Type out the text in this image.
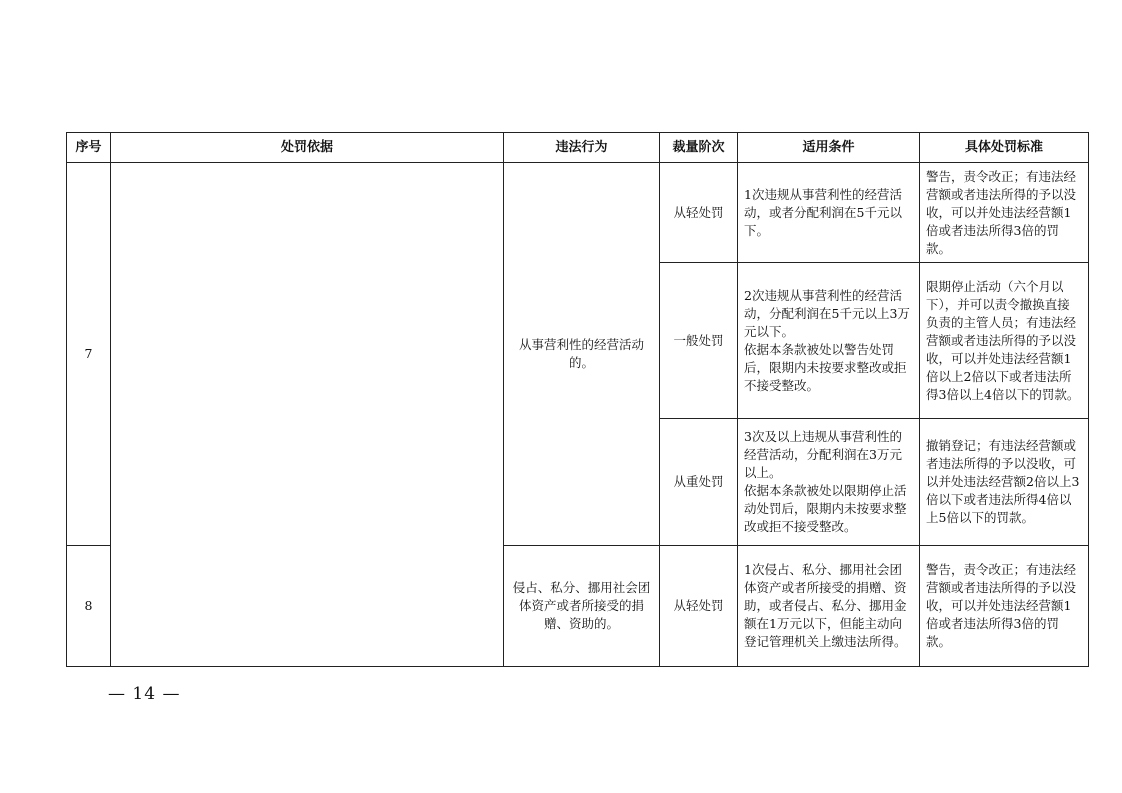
序号	处罚依据	违法行为	裁量阶次	适用条件	具体处罚标准
7		从事营利性的经营活动的。	从轻处罚	1次违规从事营利性的经营活动，或者分配利润在5千元以下。	警告，责令改正；有违法经营额或者违法所得的予以没收，可以并处违法经营额1倍或者违法所得3倍的罚款。
			一般处罚	2次违规从事营利性的经营活动，分配利润在5千元以上3万元以下。
依据本条款被处以警告处罚后，限期内未按要求整改或拒不接受整改。	限期停止活动（六个月以下），并可以责令撤换直接负责的主管人员；有违法经营额或者违法所得的予以没收，可以并处违法经营额1倍以上2倍以下或者违法所得3倍以上4倍以下的罚款。
			从重处罚	3次及以上违规从事营利性的经营活动，分配利润在3万元以上。
依据本条款被处以限期停止活动处罚后，限期内未按要求整改或拒不接受整改。	撤销登记；有违法经营额或者违法所得的予以没收，可以并处违法经营额2倍以上3倍以下或者违法所得4倍以上5倍以下的罚款。
8		侵占、私分、挪用社会团体资产或者所接受的捐赠、资助的。	从轻处罚	1次侵占、私分、挪用社会团体资产或者所接受的捐赠、资助，或者侵占、私分、挪用金额在1万元以下，但能主动向登记管理机关上缴违法所得。	警告，责令改正；有违法经营额或者违法所得的予以没收，可以并处违法经营额1倍或者违法所得3倍的罚款。
— 14 —
